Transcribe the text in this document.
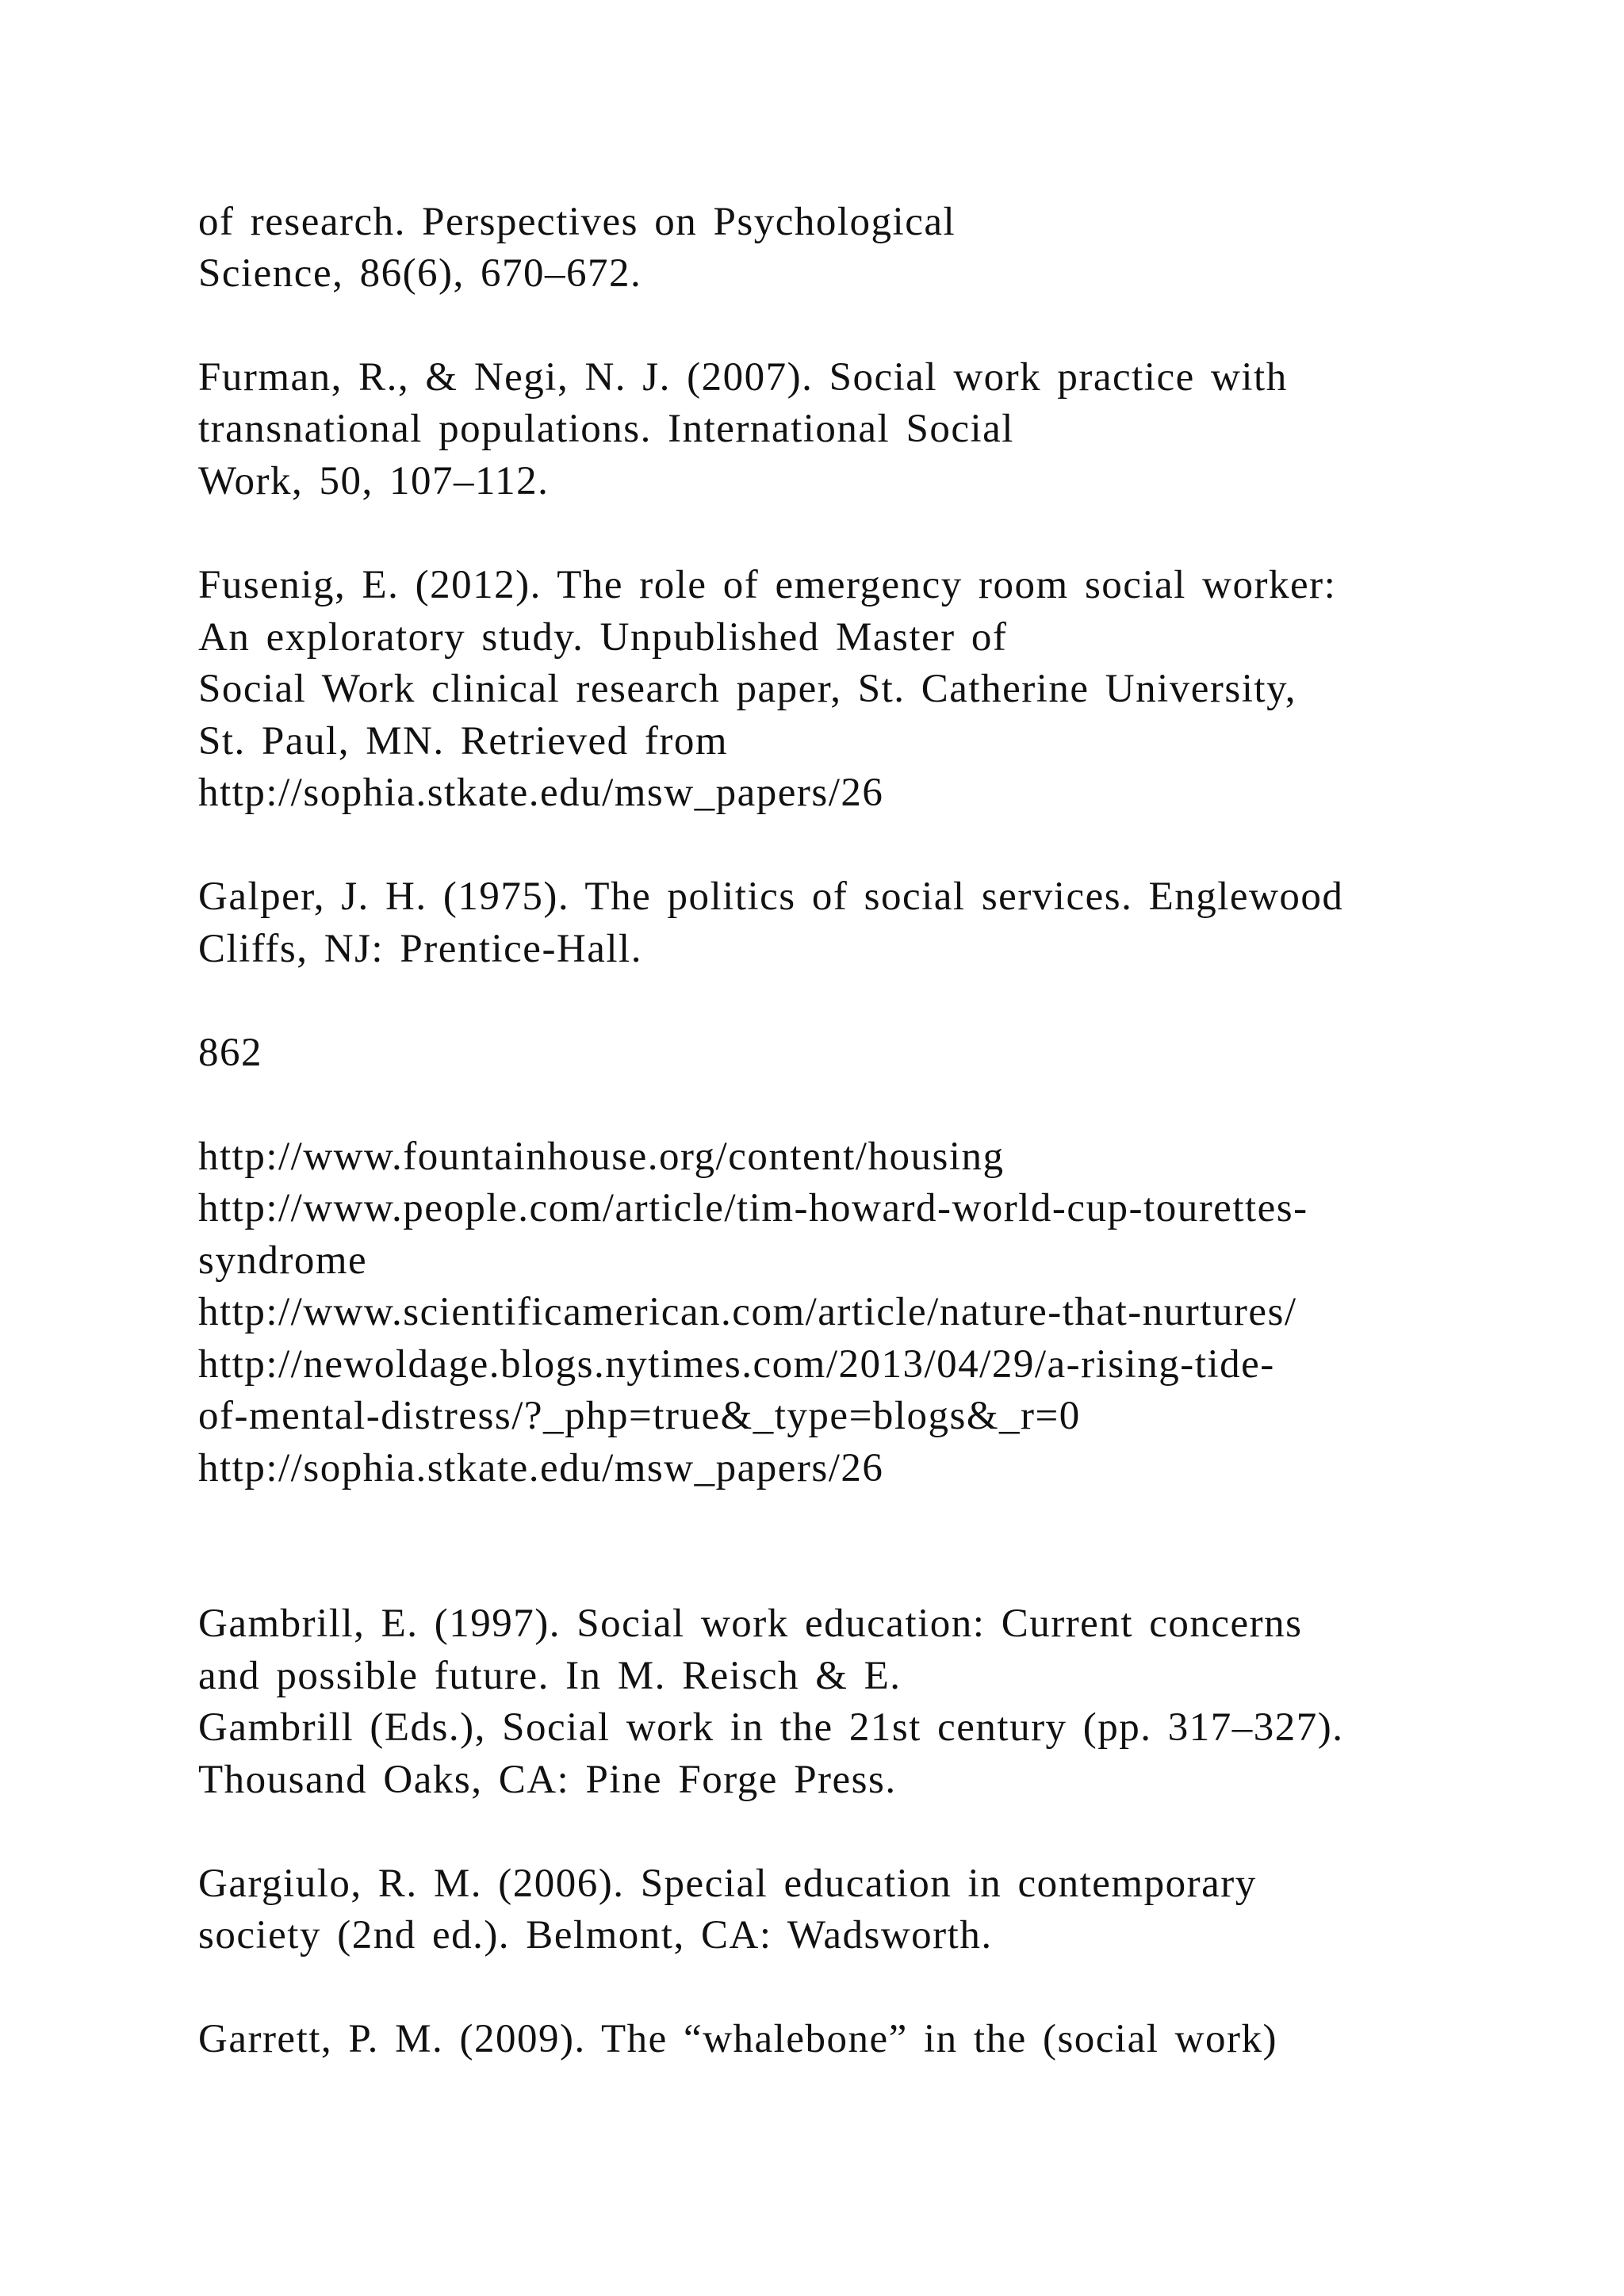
of research. Perspectives on Psychological
Science, 86(6), 670–672.
Furman, R., & Negi, N. J. (2007). Social work practice with
transnational populations. International Social
Work, 50, 107–112.
Fusenig, E. (2012). The role of emergency room social worker:
An exploratory study. Unpublished Master of
Social Work clinical research paper, St. Catherine University,
St. Paul, MN. Retrieved from
http://sophia.stkate.edu/msw_papers/26
Galper, J. H. (1975). The politics of social services. Englewood
Cliffs, NJ: Prentice-Hall.
862
http://www.fountainhouse.org/content/housing
http://www.people.com/article/tim-howard-world-cup-tourettes-
syndrome
http://www.scientificamerican.com/article/nature-that-nurtures/
http://newoldage.blogs.nytimes.com/2013/04/29/a-rising-tide-
of-mental-distress/?_php=true&_type=blogs&_r=0
http://sophia.stkate.edu/msw_papers/26
Gambrill, E. (1997). Social work education: Current concerns
and possible future. In M. Reisch & E.
Gambrill (Eds.), Social work in the 21st century (pp. 317–327).
Thousand Oaks, CA: Pine Forge Press.
Gargiulo, R. M. (2006). Special education in contemporary
society (2nd ed.). Belmont, CA: Wadsworth.
Garrett, P. M. (2009). The “whalebone” in the (social work)
